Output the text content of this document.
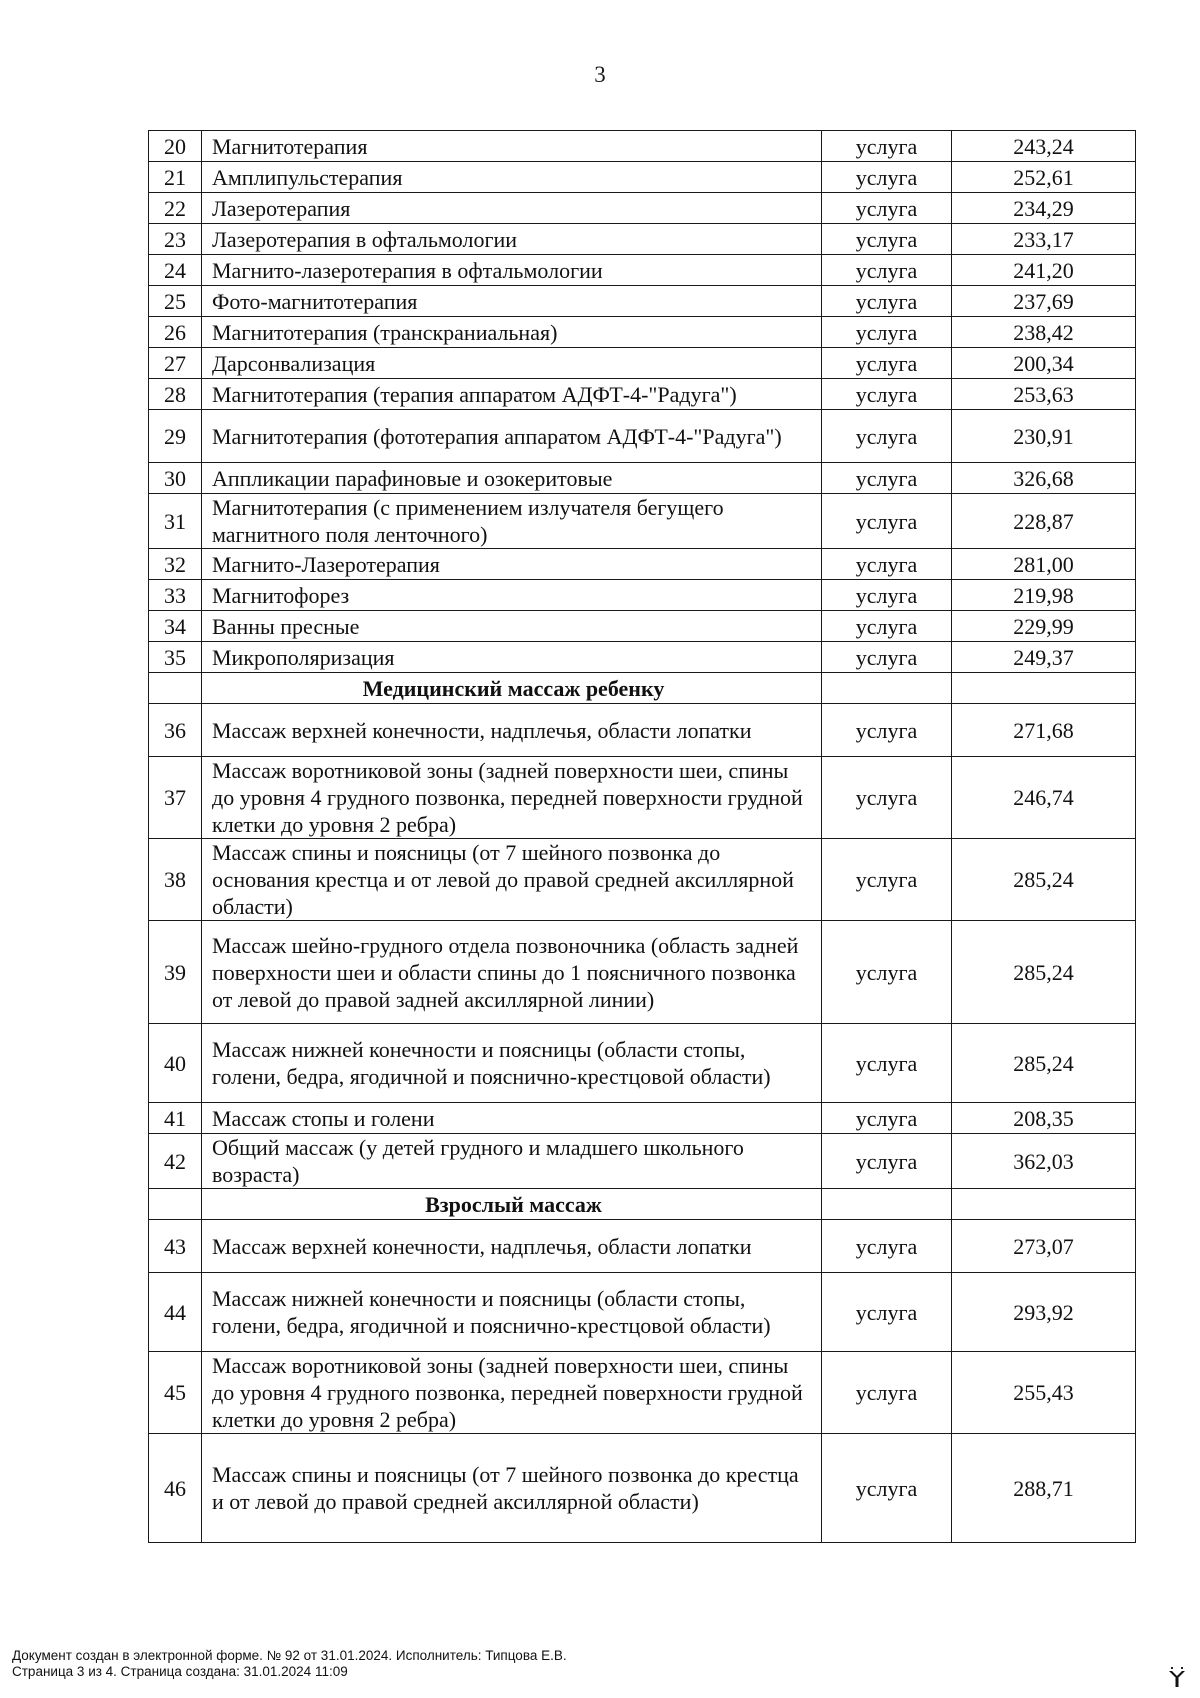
3
20	Магнитотерапия	услуга	243,24
21	Амплипульстерапия	услуга	252,61
22	Лазеротерапия	услуга	234,29
23	Лазеротерапия в офтальмологии	услуга	233,17
24	Магнито-лазеротерапия в офтальмологии	услуга	241,20
25	Фото-магнитотерапия	услуга	237,69
26	Магнитотерапия (транскраниальная)	услуга	238,42
27	Дарсонвализация	услуга	200,34
28	Магнитотерапия (терапия аппаратом АДФТ-4-"Радуга")	услуга	253,63
29	Магнитотерапия (фототерапия аппаратом АДФТ-4-"Радуга")	услуга	230,91
30	Аппликации парафиновые и озокеритовые	услуга	326,68
31	Магнитотерапия (с применением излучателя бегущего магнитного поля ленточного)	услуга	228,87
32	Магнито-Лазеротерапия	услуга	281,00
33	Магнитофорез	услуга	219,98
34	Ванны пресные	услуга	229,99
35	Микрополяризация	услуга	249,37
	Медицинский массаж ребенку		
36	Массаж верхней конечности, надплечья, области лопатки	услуга	271,68
37	Массаж воротниковой зоны (задней поверхности шеи, спины до уровня 4 грудного позвонка, передней поверхности грудной клетки до уровня 2 ребра)	услуга	246,74
38	Массаж спины и поясницы (от 7 шейного позвонка до основания крестца и от левой до правой средней аксиллярной области)	услуга	285,24
39	Массаж шейно-грудного отдела позвоночника (область задней поверхности шеи и области спины до 1 поясничного позвонка от левой до правой задней аксиллярной линии)	услуга	285,24
40	Массаж нижней конечности и поясницы (области стопы, голени, бедра, ягодичной и пояснично-крестцовой области)	услуга	285,24
41	Массаж стопы и голени	услуга	208,35
42	Общий массаж (у детей грудного и младшего школьного возраста)	услуга	362,03
	Взрослый массаж		
43	Массаж верхней конечности, надплечья, области лопатки	услуга	273,07
44	Массаж нижней конечности и поясницы (области стопы, голени, бедра, ягодичной и пояснично-крестцовой области)	услуга	293,92
45	Массаж воротниковой зоны (задней поверхности шеи, спины до уровня 4 грудного позвонка, передней поверхности грудной клетки до уровня 2 ребра)	услуга	255,43
46	Массаж спины и поясницы (от 7 шейного позвонка до крестца и от левой до правой средней аксиллярной области)	услуга	288,71
Документ создан в электронной форме. № 92 от 31.01.2024. Исполнитель: Типцова Е.В.
Страница 3 из 4. Страница создана: 31.01.2024 11:09
